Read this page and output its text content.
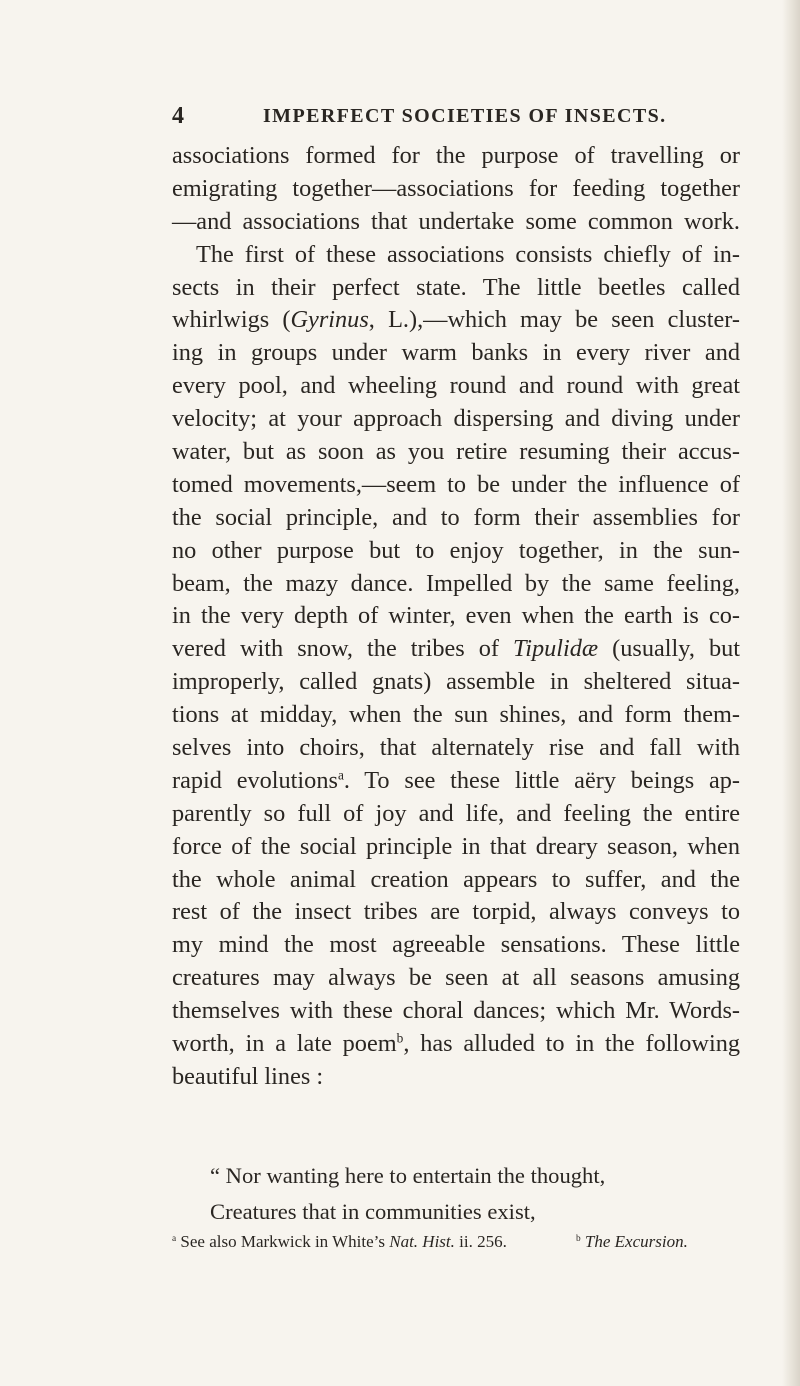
4	IMPERFECT SOCIETIES OF INSECTS.
associations formed for the purpose of travelling or
emigrating together—associations for feeding together
—and associations that undertake some common work.
The first of these associations consists chiefly of in-
sects in their perfect state. The little beetles called
whirlwigs (Gyrinus, L.),—which may be seen cluster-
ing in groups under warm banks in every river and
every pool, and wheeling round and round with great
velocity; at your approach dispersing and diving under
water, but as soon as you retire resuming their accus-
tomed movements,—seem to be under the influence of
the social principle, and to form their assemblies for
no other purpose but to enjoy together, in the sun-
beam, the mazy dance. Impelled by the same feeling,
in the very depth of winter, even when the earth is co-
vered with snow, the tribes of Tipulidæ (usually, but
improperly, called gnats) assemble in sheltered situa-
tions at midday, when the sun shines, and form them-
selves into choirs, that alternately rise and fall with
rapid evolutions$^a$. To see these little aëry beings ap-
parently so full of joy and life, and feeling the entire
force of the social principle in that dreary season, when
the whole animal creation appears to suffer, and the
rest of the insect tribes are torpid, always conveys to
my mind the most agreeable sensations. These little
creatures may always be seen at all seasons amusing
themselves with these choral dances; which Mr. Words-
worth, in a late poem$^b$, has alluded to in the following
beautiful lines :
“ Nor wanting here to entertain the thought,
Creatures that in communities exist,
$^a$ See also Markwick in White’s Nat. Hist. ii. 256.	$^b$ The Excursion.
